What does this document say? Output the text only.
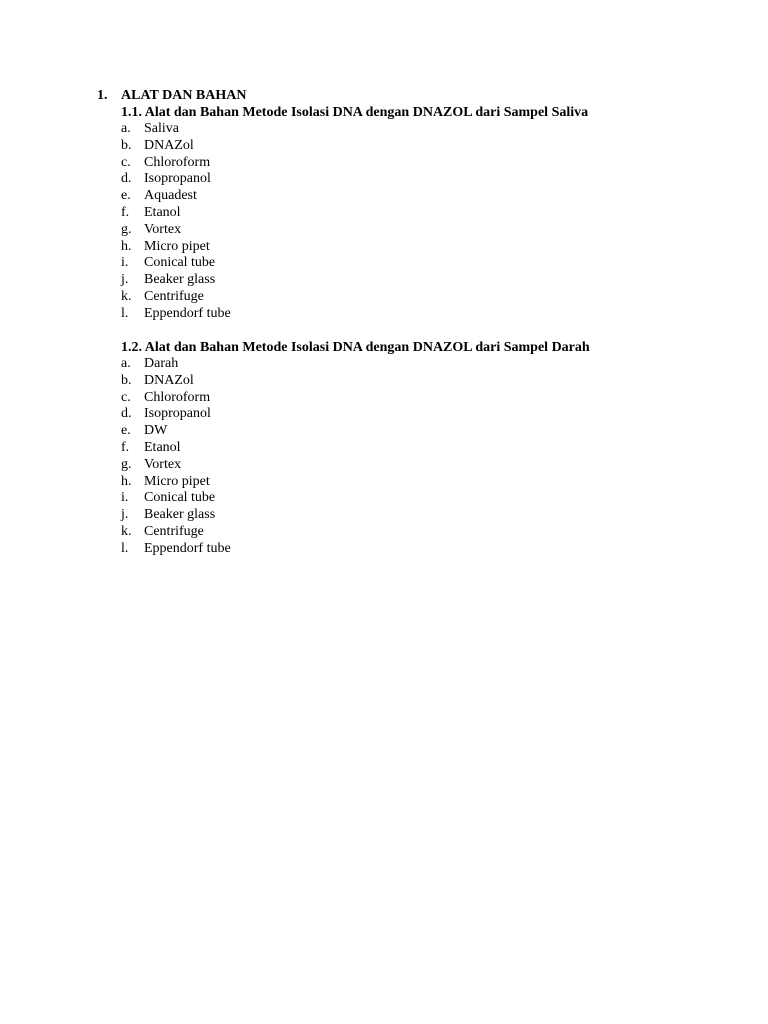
1. ALAT DAN BAHAN
1.1. Alat dan Bahan Metode Isolasi DNA dengan DNAZOL dari Sampel Saliva
a. Saliva
b. DNAZol
c. Chloroform
d. Isopropanol
e. Aquadest
f. Etanol
g. Vortex
h. Micro pipet
i. Conical tube
j. Beaker glass
k. Centrifuge
l. Eppendorf tube
1.2. Alat dan Bahan Metode Isolasi DNA dengan DNAZOL dari Sampel Darah
a. Darah
b. DNAZol
c. Chloroform
d. Isopropanol
e. DW
f. Etanol
g. Vortex
h. Micro pipet
i. Conical tube
j. Beaker glass
k. Centrifuge
l. Eppendorf tube
